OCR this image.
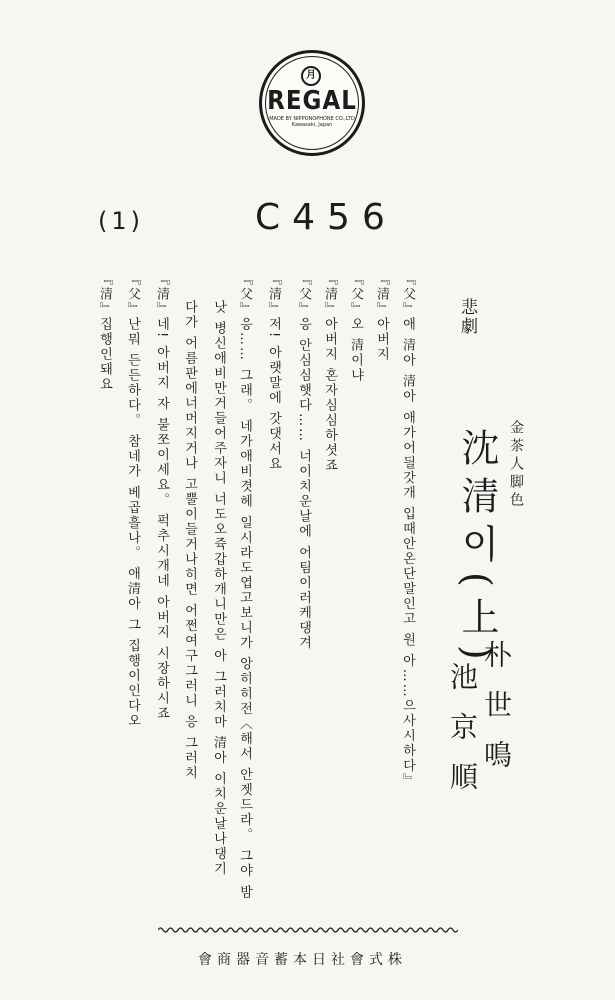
月
REGAL
MADE BY NIPPONOPHONE CO.,LTD
Kawasaki, Japan
(1)	C456
朴世鳴
池京順
金茶人脚色
悲劇
沈清이(上)
『父』애 清아 清아 애가어딀갓개 입때안온단말인고 원 아……으사시하다』
『清』아버지
『父』오 清이냐
『清』아버지 혼자심심하셧죠
『父』응 안심심햇다…… 너이치운날에 어팀이러케댕겨
『清』저! 아랫말에 갓댓서요
『父』응…… 그래。 네가애비겻헤 일시라도엽고보니가 앙히히전〈해서 안젯드라。 그야 밤
낫 병신애비만거들어주자니 너도오쥭갑하개니만은 아 그러치마 清아 이치운날나댕기
다가 어름판에너머지거나 고뿔이들거나히면 어쩐여구그러니 응 그러치
『清』네! 아버지 자 불쪼이세요。 퍽추시개네 아버지 시장하시죠
『父』난뭐 든든하다。 참네가 베곱흘나。 애清아 그 집행이인다오
『清』집행인돼요
會商器音蓄本日社會式株
